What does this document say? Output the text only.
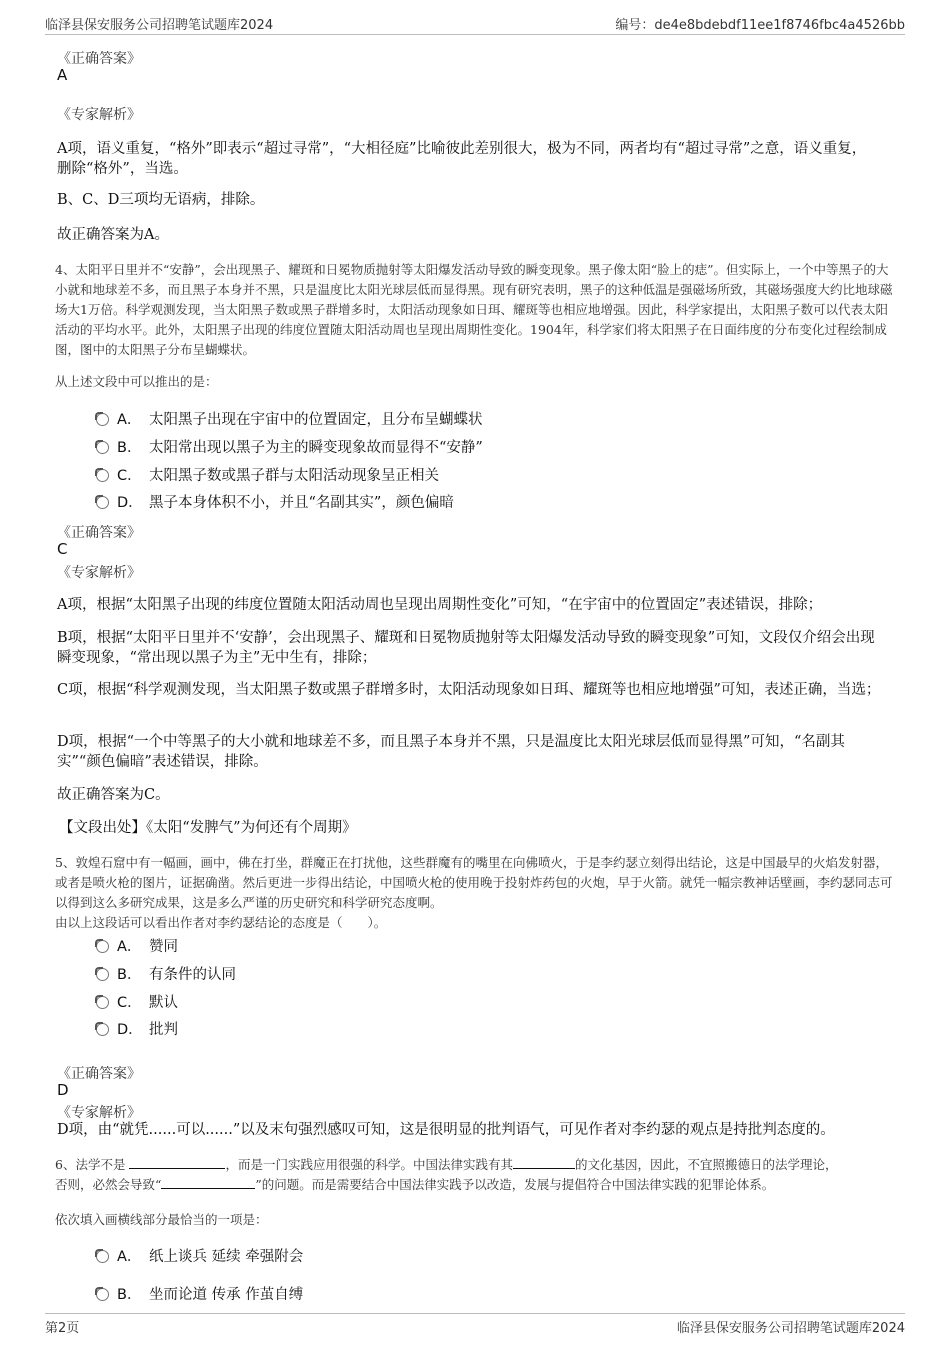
临泽县保安服务公司招聘笔试题库2024	编号：de4e8bdebdf11ee1f8746fbc4a4526bb
《正确答案》
A
《专家解析》
A项，语义重复，“格外”即表示“超过寻常”，“大相径庭”比喻彼此差别很大，极为不同，两者均有“超过寻常”之意，语义重复，删除“格外”，当选。
B、C、D三项均无语病，排除。
故正确答案为A。
4、太阳平日里并不“安静”，会出现黑子、耀斑和日冕物质抛射等太阳爆发活动导致的瞬变现象。黑子像太阳“脸上的痣”。但实际上，一个中等黑子的大小就和地球差不多，而且黑子本身并不黑，只是温度比太阳光球层低而显得黑。现有研究表明，黑子的这种低温是强磁场所致，其磁场强度大约比地球磁场大1万倍。科学观测发现，当太阳黑子数或黑子群增多时，太阳活动现象如日珥、耀斑等也相应地增强。因此，科学家提出，太阳黑子数可以代表太阳活动的平均水平。此外，太阳黑子出现的纬度位置随太阳活动周也呈现出周期性变化。1904年，科学家们将太阳黑子在日面纬度的分布变化过程绘制成图，图中的太阳黑子分布呈蝴蝶状。
从上述文段中可以推出的是：
A． 太阳黑子出现在宇宙中的位置固定，且分布呈蝴蝶状
B． 太阳常出现以黑子为主的瞬变现象故而显得不“安静”
C． 太阳黑子数或黑子群与太阳活动现象呈正相关
D． 黑子本身体积不小，并且“名副其实”，颜色偏暗
《正确答案》
C
《专家解析》
A项，根据“太阳黑子出现的纬度位置随太阳活动周也呈现出周期性变化”可知，“在宇宙中的位置固定”表述错误，排除；
B项，根据“太阳平日里并不‘安静’，会出现黑子、耀斑和日冕物质抛射等太阳爆发活动导致的瞬变现象”可知，文段仅介绍会出现瞬变现象，“常出现以黑子为主”无中生有，排除；
C项，根据“科学观测发现，当太阳黑子数或黑子群增多时，太阳活动现象如日珥、耀斑等也相应地增强”可知，表述正确，当选；
D项，根据“一个中等黑子的大小就和地球差不多，而且黑子本身并不黑，只是温度比太阳光球层低而显得黑”可知，“名副其实”“颜色偏暗”表述错误，排除。
故正确答案为C。
【文段出处】《太阳“发脾气”为何还有个周期》
5、敦煌石窟中有一幅画，画中，佛在打坐，群魔正在打扰他，这些群魔有的嘴里在向佛喷火，于是李约瑟立刻得出结论，这是中国最早的火焰发射器，或者是喷火枪的图片，证据确凿。然后更进一步得出结论，中国喷火枪的使用晚于投射炸药包的火炮，早于火箭。就凭一幅宗教神话壁画，李约瑟同志可以得到这么多研究成果，这是多么严谨的历史研究和科学研究态度啊。
由以上这段话可以看出作者对李约瑟结论的态度是（　　）。
A． 赞同
B． 有条件的认同
C． 默认
D． 批判
《正确答案》
D
《专家解析》
D项，由“就凭......可以......”以及末句强烈感叹可知，这是很明显的批判语气，可见作者对李约瑟的观点是持批判态度的。
6、法学不是	，而是一门实践应用很强的科学。中国法律实践有其	的文化基因，因此，不宜照搬德日的法学理论，
否则，必然会导致“	”的问题。而是需要结合中国法律实践予以改造，发展与提倡符合中国法律实践的犯罪论体系。
依次填入画横线部分最恰当的一项是：
A． 纸上谈兵 延续 牵强附会
B． 坐而论道 传承 作茧自缚
第2页	临泽县保安服务公司招聘笔试题库2024
